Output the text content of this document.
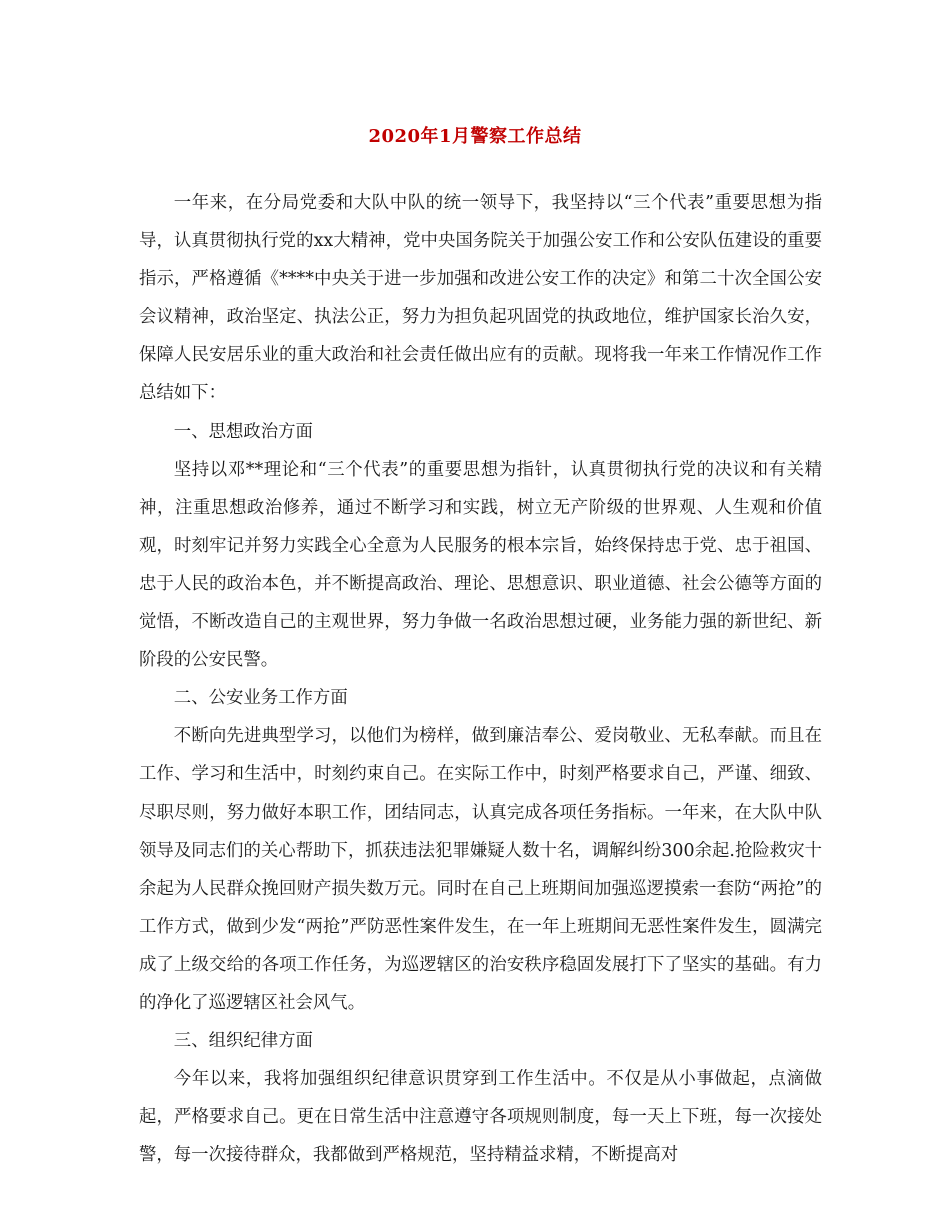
2020年1月警察工作总结

一年来，在分局党委和大队中队的统一领导下，我坚持以“三个代表”重要思想为指导，认真贯彻执行党的xx大精神，党中央国务院关于加强公安工作和公安队伍建设的重要指示，严格遵循《****中央关于进一步加强和改进公安工作的决定》和第二十次全国公安会议精神，政治坚定、执法公正，努力为担负起巩固党的执政地位，维护国家长治久安，保障人民安居乐业的重大政治和社会责任做出应有的贡献。现将我一年来工作情况作工作总结如下：

一、思想政治方面

坚持以邓**理论和“三个代表”的重要思想为指针，认真贯彻执行党的决议和有关精神，注重思想政治修养，通过不断学习和实践，树立无产阶级的世界观、人生观和价值观，时刻牢记并努力实践全心全意为人民服务的根本宗旨，始终保持忠于党、忠于祖国、忠于人民的政治本色，并不断提高政治、理论、思想意识、职业道德、社会公德等方面的觉悟，不断改造自己的主观世界，努力争做一名政治思想过硬，业务能力强的新世纪、新阶段的公安民警。

二、公安业务工作方面

不断向先进典型学习，以他们为榜样，做到廉洁奉公、爱岗敬业、无私奉献。而且在工作、学习和生活中，时刻约束自己。在实际工作中，时刻严格要求自己，严谨、细致、尽职尽则，努力做好本职工作，团结同志，认真完成各项任务指标。一年来，在大队中队领导及同志们的关心帮助下，抓获违法犯罪嫌疑人数十名，调解纠纷300余起.抢险救灾十余起为人民群众挽回财产损失数万元。同时在自己上班期间加强巡逻摸索一套防“两抢”的工作方式，做到少发“两抢”严防恶性案件发生，在一年上班期间无恶性案件发生，圆满完成了上级交给的各项工作任务，为巡逻辖区的治安秩序稳固发展打下了坚实的基础。有力的净化了巡逻辖区社会风气。

三、组织纪律方面

今年以来，我将加强组织纪律意识贯穿到工作生活中。不仅是从小事做起，点滴做起，严格要求自己。更在日常生活中注意遵守各项规则制度，每一天上下班，每一次接处警，每一次接待群众，我都做到严格规范，坚持精益求精，不断提高对
